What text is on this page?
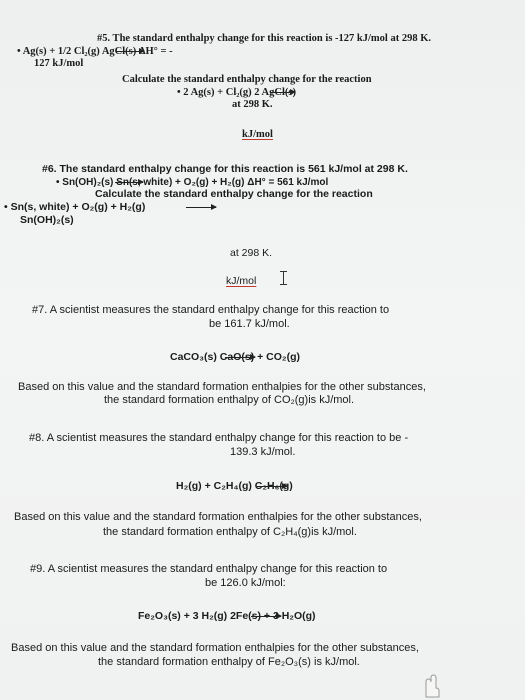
#5. The standard enthalpy change for this reaction is -127 kJ/mol at 298 K.
• Ag(s) + 1/2 Cl₂(g) AgCl(s) ΔH° = -
127 kJ/mol
Calculate the standard enthalpy change for the reaction
• 2 Ag(s) + Cl₂(g) 2 AgCl(s)
at 298 K.
kJ/mol
#6. The standard enthalpy change for this reaction is 561 kJ/mol at 298 K.
• Sn(OH)₂(s) Sn(s, white) + O₂(g) + H₂(g) ΔH° = 561 kJ/mol
Calculate the standard enthalpy change for the reaction
• Sn(s, white) + O₂(g) + H₂(g)
Sn(OH)₂(s)
at 298 K.
kJ/mol
#7. A scientist measures the standard enthalpy change for this reaction to
be 161.7 kJ/mol.
CaCO₃(s) CaO(s) + CO₂(g)
Based on this value and the standard formation enthalpies for the other substances,
the standard formation enthalpy of CO₂(g)is kJ/mol.
#8. A scientist measures the standard enthalpy change for this reaction to be -
139.3 kJ/mol.
H₂(g) + C₂H₄(g) C₂H₆(g)
Based on this value and the standard formation enthalpies for the other substances,
the standard formation enthalpy of C₂H₄(g)is kJ/mol.
#9. A scientist measures the standard enthalpy change for this reaction to
be 126.0 kJ/mol:
Fe₂O₃(s) + 3 H₂(g) 2Fe(s) + 3 H₂O(g)
Based on this value and the standard formation enthalpies for the other substances,
the standard formation enthalpy of Fe₂O₃(s) is kJ/mol.
